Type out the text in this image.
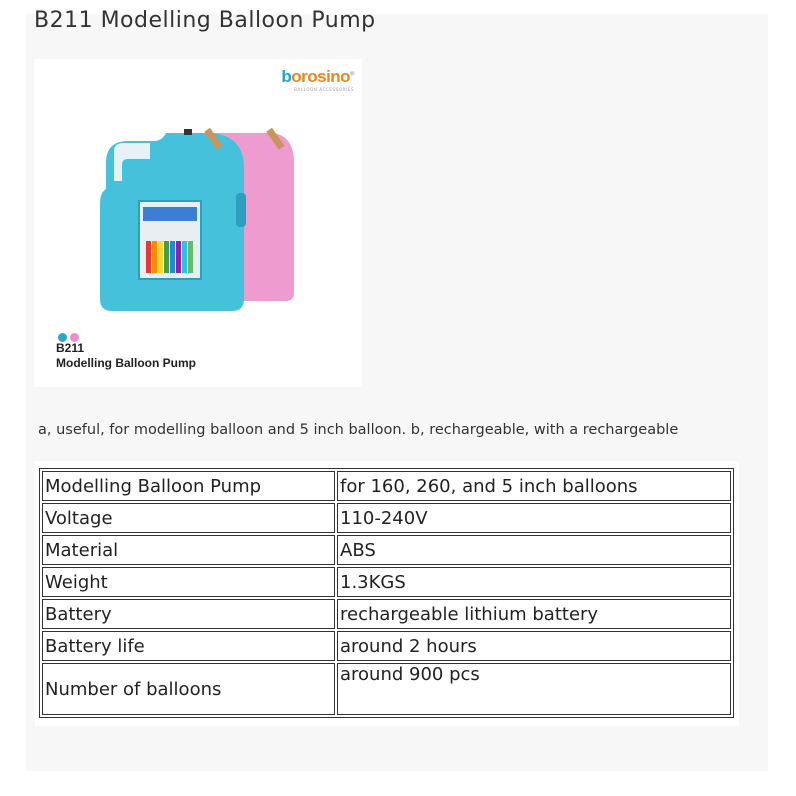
B211 Modelling Balloon Pump
borosino®
BALLOON ACCESSORIES
B211
Modelling Balloon Pump
a, useful, for modelling balloon and 5 inch balloon. b, rechargeable, with a rechargeable
Modelling Balloon Pump	for 160, 260, and 5 inch balloons
Voltage	110-240V
Material	ABS
Weight	1.3KGS
Battery	rechargeable lithium battery
Battery life	around 2 hours
Number of balloons	around 900 pcs
